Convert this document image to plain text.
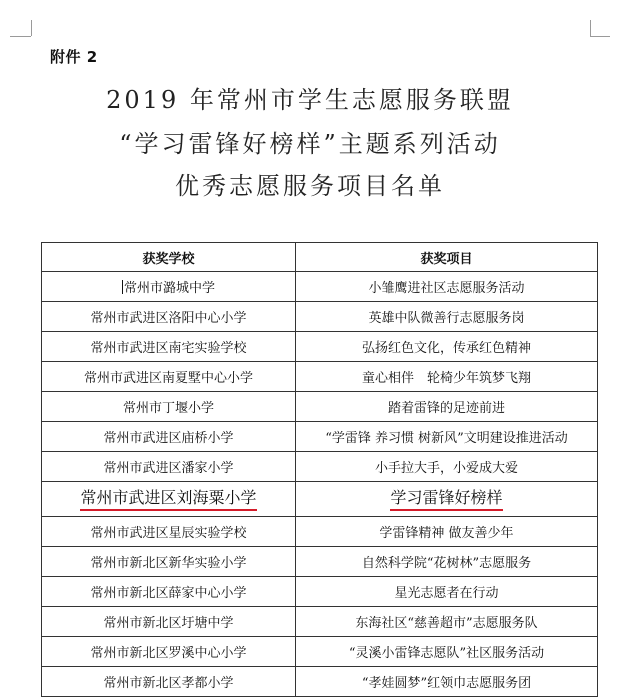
附件 2
2019 年常州市学生志愿服务联盟
“学习雷锋好榜样”主题系列活动
优秀志愿服务项目名单
获奖学校	获奖项目
常州市潞城中学	小雏鹰进社区志愿服务活动
常州市武进区洛阳中心小学	英雄中队微善行志愿服务岗
常州市武进区南宅实验学校	弘扬红色文化，传承红色精神
常州市武进区南夏墅中心小学	童心相伴　轮椅少年筑梦飞翔
常州市丁堰小学	踏着雷锋的足迹前进
常州市武进区庙桥小学	“学雷锋 养习惯 树新风”文明建设推进活动
常州市武进区潘家小学	小手拉大手，小爱成大爱
常州市武进区刘海粟小学	学习雷锋好榜样
常州市武进区星辰实验学校	学雷锋精神 做友善少年
常州市新北区新华实验小学	自然科学院“花树林”志愿服务
常州市新北区薛家中心小学	星光志愿者在行动
常州市新北区圩塘中学	东海社区“慈善超市”志愿服务队
常州市新北区罗溪中心小学	“灵溪小雷锋志愿队”社区服务活动
常州市新北区孝都小学	“孝娃圆梦”红领巾志愿服务团
